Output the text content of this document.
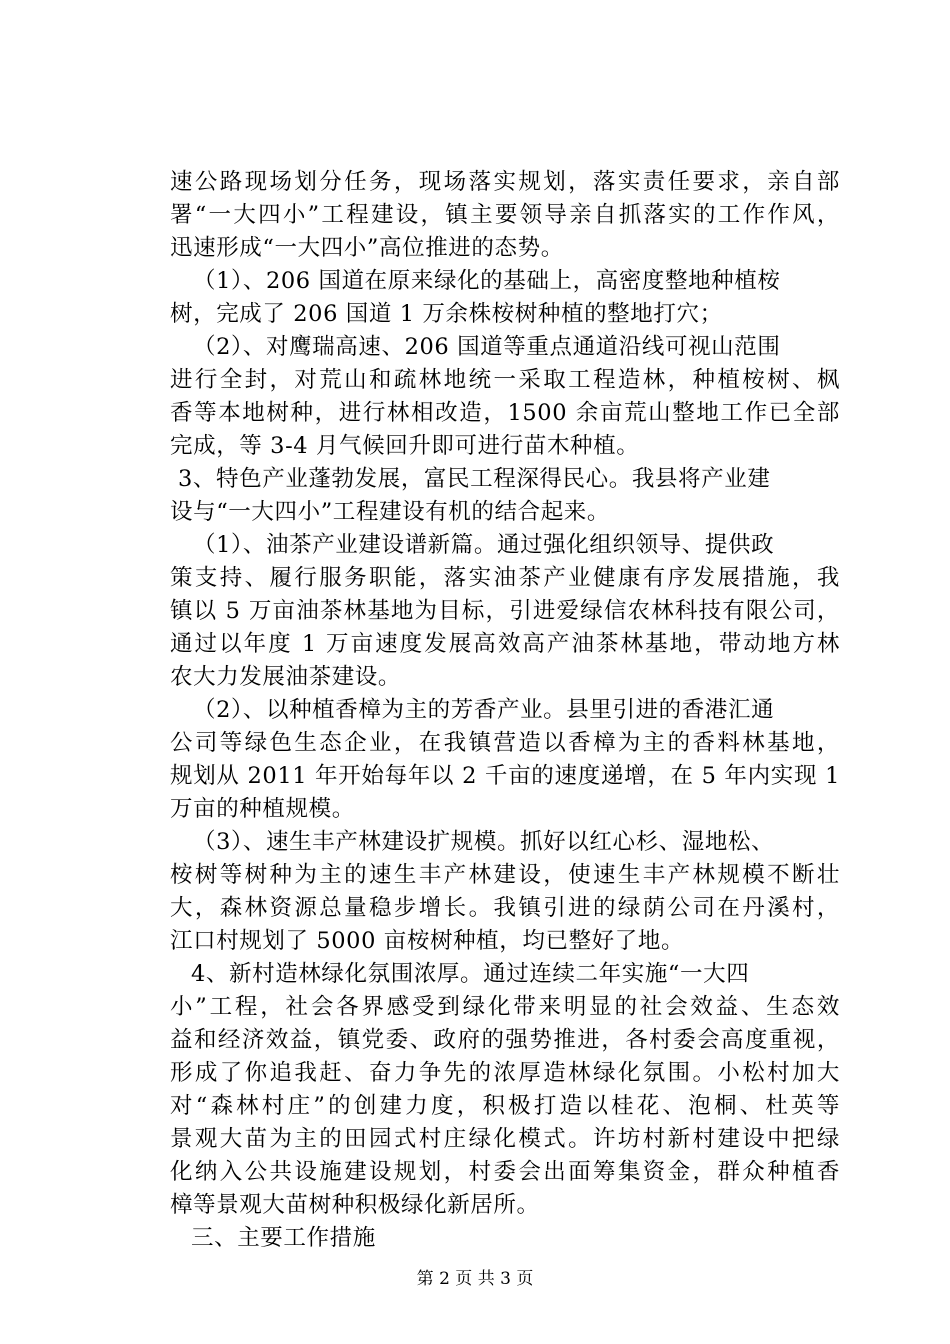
速公路现场划分任务，现场落实规划，落实责任要求，亲自部
署“一大四小”工程建设，镇主要领导亲自抓落实的工作作风，
迅速形成“一大四小”高位推进的态势。
（1）、206 国道在原来绿化的基础上，高密度整地种植桉
树，完成了 206 国道 1 万余株桉树种植的整地打穴；
（2）、对鹰瑞高速、206 国道等重点通道沿线可视山范围
进行全封，对荒山和疏林地统一采取工程造林，种植桉树、枫
香等本地树种，进行林相改造，1500 余亩荒山整地工作已全部
完成，等 3-4 月气候回升即可进行苗木种植。
3、特色产业蓬勃发展，富民工程深得民心。我县将产业建
设与“一大四小”工程建设有机的结合起来。
（1）、油茶产业建设谱新篇。通过强化组织领导、提供政
策支持、履行服务职能，落实油茶产业健康有序发展措施，我
镇以 5 万亩油茶林基地为目标，引进爱绿信农林科技有限公司，
通过以年度 1 万亩速度发展高效高产油茶林基地，带动地方林
农大力发展油茶建设。
（2）、以种植香樟为主的芳香产业。县里引进的香港汇通
公司等绿色生态企业，在我镇营造以香樟为主的香料林基地，
规划从 2011 年开始每年以 2 千亩的速度递增，在 5 年内实现 1
万亩的种植规模。
（3）、速生丰产林建设扩规模。抓好以红心杉、湿地松、
桉树等树种为主的速生丰产林建设，使速生丰产林规模不断壮
大，森林资源总量稳步增长。我镇引进的绿荫公司在丹溪村，
江口村规划了 5000 亩桉树种植，均已整好了地。
4、新村造林绿化氛围浓厚。通过连续二年实施“一大四
小”工程，社会各界感受到绿化带来明显的社会效益、生态效
益和经济效益，镇党委、政府的强势推进，各村委会高度重视，
形成了你追我赶、奋力争先的浓厚造林绿化氛围。小松村加大
对“森林村庄”的创建力度，积极打造以桂花、泡桐、杜英等
景观大苗为主的田园式村庄绿化模式。许坊村新村建设中把绿
化纳入公共设施建设规划，村委会出面筹集资金，群众种植香
樟等景观大苗树种积极绿化新居所。
三、主要工作措施
第 2 页 共 3 页
